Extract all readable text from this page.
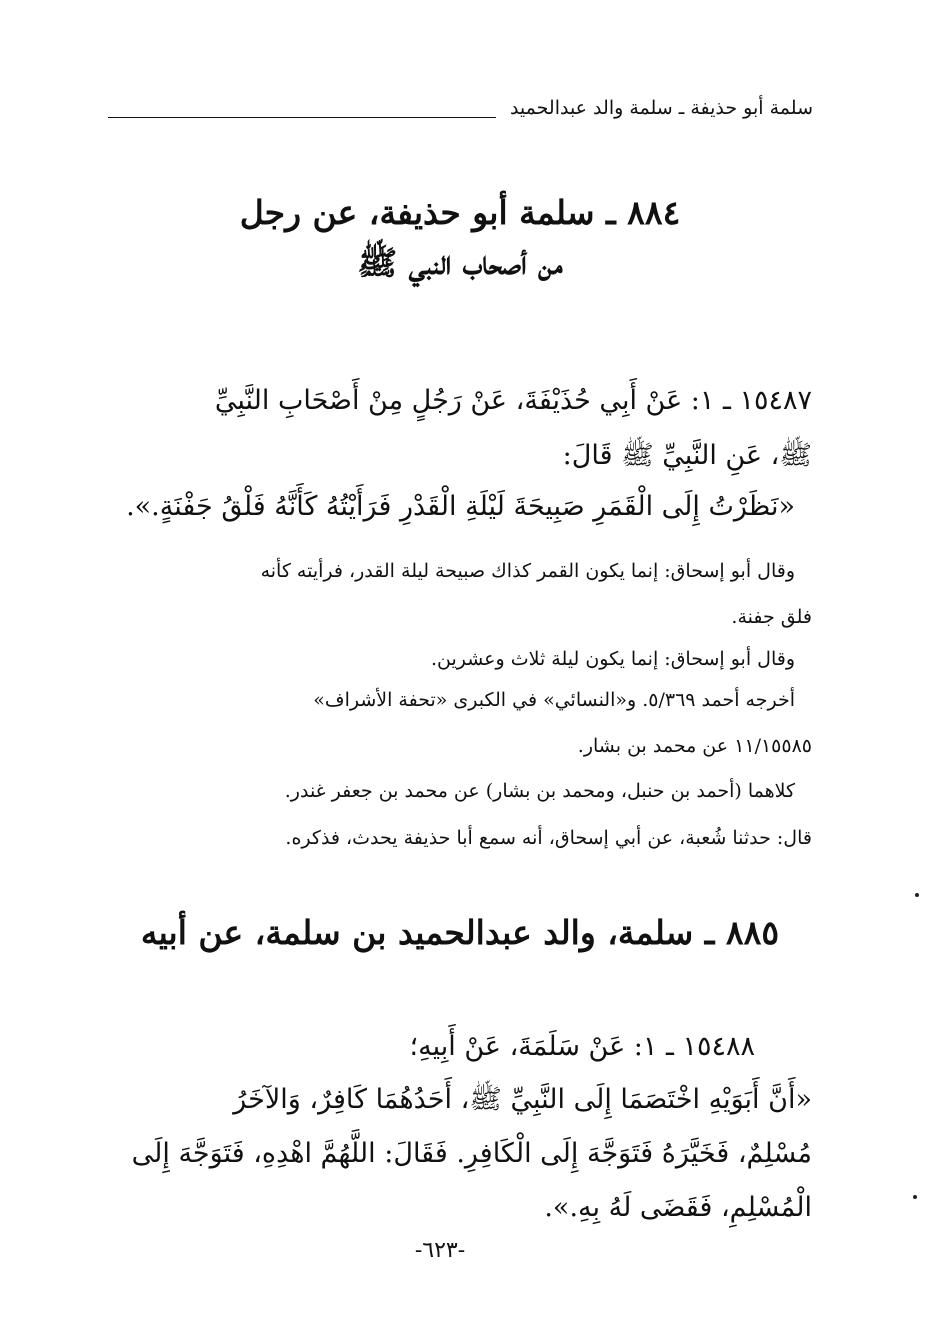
سلمة أبو حذيفة ـ سلمة والد عبدالحميد
٨٨٤ ـ سلمة أبو حذيفة، عن رجل
من أصحاب النبي ﷺ

١٥٤٨٧ ـ ١: عَنْ أَبِي حُذَيْفَةَ، عَنْ رَجُلٍ مِنْ أَصْحَابِ النَّبِيِّ

ﷺ، عَنِ النَّبِيِّ ﷺ قَالَ:

«نَظَرْتُ إِلَى الْقَمَرِ صَبِيحَةَ لَيْلَةِ الْقَدْرِ فَرَأَيْتُهُ كَأَنَّهُ فَلْقُ جَفْنَةٍ.».

وقال أبو إسحاق: إنما يكون القمر كذاك صبيحة ليلة القدر، فرأيته كأنه

فلق جفنة.

وقال أبو إسحاق: إنما يكون ليلة ثلاث وعشرين.

أخرجه أحمد ٥/٣٦٩. و«النسائي» في الكبرى «تحفة الأشراف»

١١/١٥٥٨٥ عن محمد بن بشار.

كلاهما (أحمد بن حنبل، ومحمد بن بشار) عن محمد بن جعفر غندر.

قال: حدثنا شُعبة، عن أبي إسحاق، أنه سمع أبا حذيفة يحدث، فذكره.

٨٨٥ ـ سلمة، والد عبدالحميد بن سلمة، عن أبيه

١٥٤٨٨ ـ ١: عَنْ سَلَمَةَ، عَنْ أَبِيهِ؛

«أَنَّ أَبَوَيْهِ اخْتَصَمَا إِلَى النَّبِيِّ ﷺ، أَحَدُهُمَا كَافِرٌ، وَالآخَرُ

مُسْلِمٌ، فَخَيَّرَهُ فَتَوَجَّهَ إِلَى الْكَافِرِ. فَقَالَ: اللَّهُمَّ اهْدِهِ، فَتَوَجَّهَ إِلَى

الْمُسْلِمِ، فَقَضَى لَهُ بِهِ.».

-٦٢٣-
